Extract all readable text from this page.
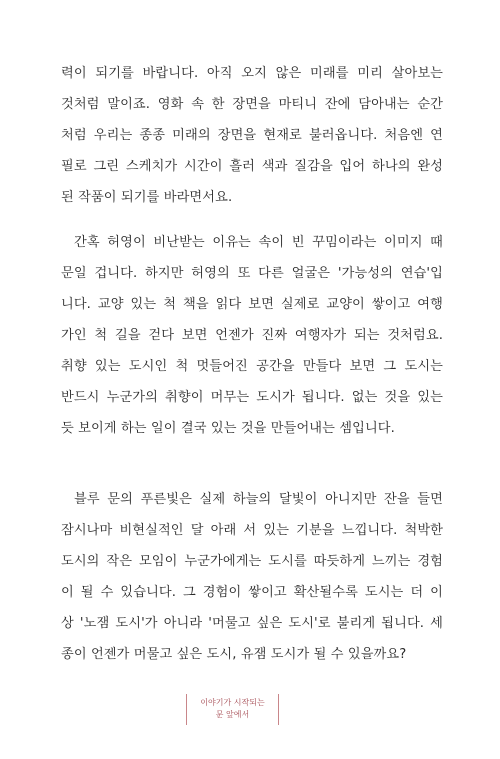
력이 되기를 바랍니다. 아직 오지 않은 미래를 미리 살아보는
것처럼 말이죠. 영화 속 한 장면을 마티니 잔에 담아내는 순간
처럼 우리는 종종 미래의 장면을 현재로 불러옵니다. 처음엔 연
필로 그린 스케치가 시간이 흘러 색과 질감을 입어 하나의 완성
된 작품이 되기를 바라면서요.
간혹 허영이 비난받는 이유는 속이 빈 꾸밈이라는 이미지 때
문일 겁니다. 하지만 허영의 또 다른 얼굴은 '가능성의 연습'입
니다. 교양 있는 척 책을 읽다 보면 실제로 교양이 쌓이고 여행
가인 척 길을 걷다 보면 언젠가 진짜 여행자가 되는 것처럼요.
취향 있는 도시인 척 멋들어진 공간을 만들다 보면 그 도시는
반드시 누군가의 취향이 머무는 도시가 됩니다. 없는 것을 있는
듯 보이게 하는 일이 결국 있는 것을 만들어내는 셈입니다.
블루 문의 푸른빛은 실제 하늘의 달빛이 아니지만 잔을 들면
잠시나마 비현실적인 달 아래 서 있는 기분을 느낍니다. 척박한
도시의 작은 모임이 누군가에게는 도시를 따듯하게 느끼는 경험
이 될 수 있습니다. 그 경험이 쌓이고 확산될수록 도시는 더 이
상 '노잼 도시'가 아니라 '머물고 싶은 도시'로 불리게 됩니다. 세
종이 언젠가 머물고 싶은 도시, 유잼 도시가 될 수 있을까요?
이야기가 시작되는
문 앞에서
